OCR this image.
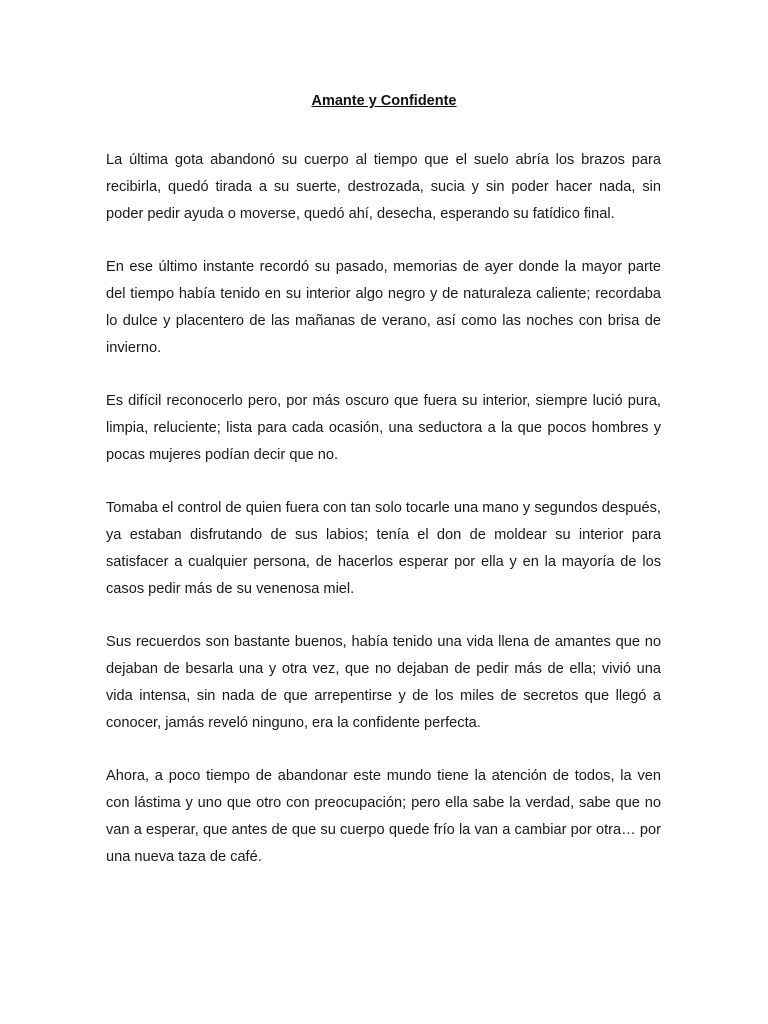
Amante y Confidente

La última gota abandonó su cuerpo al tiempo que el suelo abría los brazos para recibirla, quedó tirada a su suerte, destrozada, sucia y sin poder hacer nada, sin poder pedir ayuda o moverse, quedó ahí, desecha, esperando su fatídico final.

En ese último instante recordó su pasado, memorias de ayer donde la mayor parte del tiempo había tenido en su interior algo negro y de naturaleza caliente; recordaba lo dulce y placentero de las mañanas de verano, así como las noches con brisa de invierno.

Es difícil reconocerlo pero, por más oscuro que fuera su interior, siempre lució pura, limpia, reluciente; lista para cada ocasión, una seductora a la que pocos hombres y pocas mujeres podían decir que no.

Tomaba el control de quien fuera con tan solo tocarle una mano y segundos después, ya estaban disfrutando de sus labios; tenía el don de moldear su interior para satisfacer a cualquier persona, de hacerlos esperar por ella y en la mayoría de los casos pedir más de su venenosa miel.

Sus recuerdos son bastante buenos, había tenido una vida llena de amantes que no dejaban de besarla una y otra vez, que no dejaban de pedir más de ella; vivió una vida intensa, sin nada de que arrepentirse y de los miles de secretos que llegó a conocer, jamás reveló ninguno, era la confidente perfecta.

Ahora, a poco tiempo de abandonar este mundo tiene la atención de todos, la ven con lástima y uno que otro con preocupación; pero ella sabe la verdad, sabe que no van a esperar, que antes de que su cuerpo quede frío la van a cambiar por otra… por una nueva taza de café.
